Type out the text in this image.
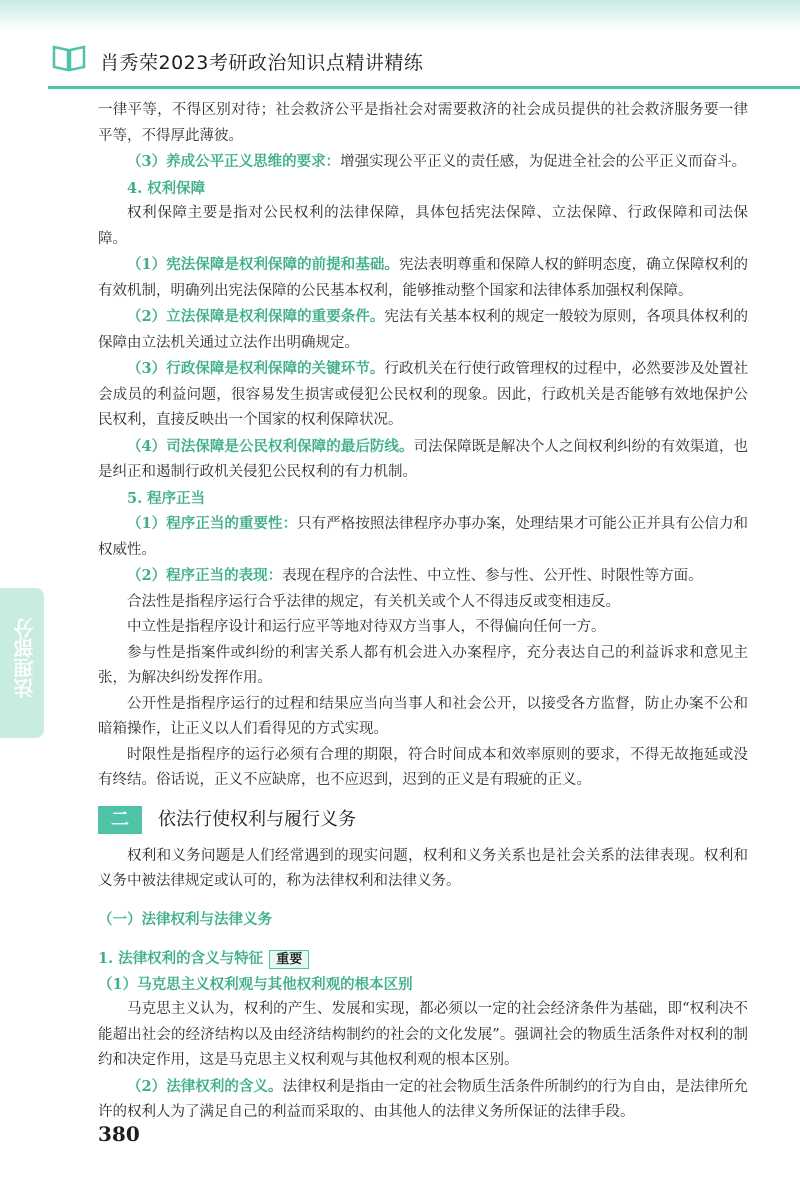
肖秀荣2023考研政治知识点精讲精练
法理部分

一律平等，不得区别对待；社会救济公平是指社会对需要救济的社会成员提供的社会救济服务要一律平等，不得厚此薄彼。

（3）养成公平正义思维的要求：增强实现公平正义的责任感，为促进全社会的公平正义而奋斗。

4. 权利保障

权利保障主要是指对公民权利的法律保障，具体包括宪法保障、立法保障、行政保障和司法保障。

（1）宪法保障是权利保障的前提和基础。宪法表明尊重和保障人权的鲜明态度，确立保障权利的有效机制，明确列出宪法保障的公民基本权利，能够推动整个国家和法律体系加强权利保障。

（2）立法保障是权利保障的重要条件。宪法有关基本权利的规定一般较为原则，各项具体权利的保障由立法机关通过立法作出明确规定。

（3）行政保障是权利保障的关键环节。行政机关在行使行政管理权的过程中，必然要涉及处置社会成员的利益问题，很容易发生损害或侵犯公民权利的现象。因此，行政机关是否能够有效地保护公民权利，直接反映出一个国家的权利保障状况。

（4）司法保障是公民权利保障的最后防线。司法保障既是解决个人之间权利纠纷的有效渠道，也是纠正和遏制行政机关侵犯公民权利的有力机制。

5. 程序正当

（1）程序正当的重要性：只有严格按照法律程序办事办案，处理结果才可能公正并具有公信力和权威性。

（2）程序正当的表现：表现在程序的合法性、中立性、参与性、公开性、时限性等方面。

合法性是指程序运行合乎法律的规定，有关机关或个人不得违反或变相违反。

中立性是指程序设计和运行应平等地对待双方当事人，不得偏向任何一方。

参与性是指案件或纠纷的利害关系人都有机会进入办案程序，充分表达自己的利益诉求和意见主张，为解决纠纷发挥作用。

公开性是指程序运行的过程和结果应当向当事人和社会公开，以接受各方监督，防止办案不公和暗箱操作，让正义以人们看得见的方式实现。

时限性是指程序的运行必须有合理的期限，符合时间成本和效率原则的要求，不得无故拖延或没有终结。俗话说，正义不应缺席，也不应迟到，迟到的正义是有瑕疵的正义。

二	依法行使权利与履行义务

权利和义务问题是人们经常遇到的现实问题，权利和义务关系也是社会关系的法律表现。权利和义务中被法律规定或认可的，称为法律权利和法律义务。

（一）法律权利与法律义务

1. 法律权利的含义与特征 重要

（1）马克思主义权利观与其他权利观的根本区别

马克思主义认为，权利的产生、发展和实现，都必须以一定的社会经济条件为基础，即“权利决不能超出社会的经济结构以及由经济结构制约的社会的文化发展”。强调社会的物质生活条件对权利的制约和决定作用，这是马克思主义权利观与其他权利观的根本区别。

（2）法律权利的含义。法律权利是指由一定的社会物质生活条件所制约的行为自由，是法律所允许的权利人为了满足自己的利益而采取的、由其他人的法律义务所保证的法律手段。

380
